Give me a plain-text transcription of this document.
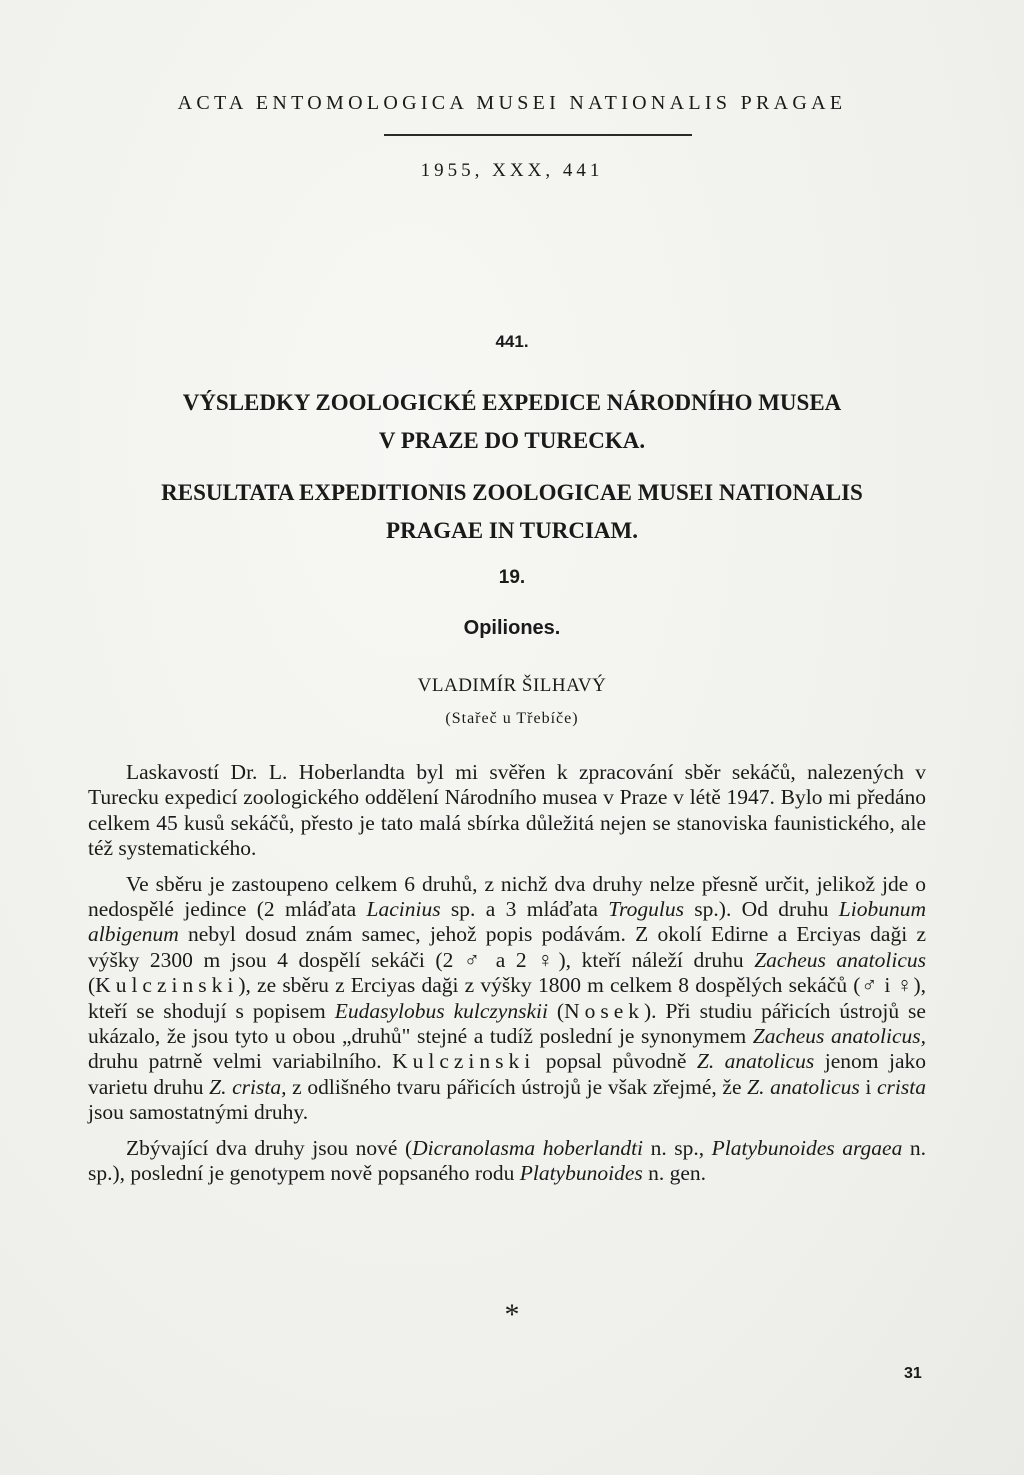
ACTA ENTOMOLOGICA MUSEI NATIONALIS PRAGAE
1955, XXX, 441
441.
VÝSLEDKY ZOOLOGICKÉ EXPEDICE NÁRODNÍHO MUSEA
V PRAZE DO TURECKA.
RESULTATA EXPEDITIONIS ZOOLOGICAE MUSEI NATIONALIS
PRAGAE IN TURCIAM.
19.
Opiliones.
VLADIMÍR ŠILHAVÝ
(Stařeč u Třebíče)

Laskavostí Dr. L. Hoberlandta byl mi svěřen k zpracování sběr sekáčů, nalezených v Turecku expedicí zoologického oddělení Národního musea v Praze v létě 1947. Bylo mi předáno celkem 45 kusů sekáčů, přesto je tato malá sbírka důležitá nejen se stanoviska faunistického, ale též systematického.

Ve sběru je zastoupeno celkem 6 druhů, z nichž dva druhy nelze přesně určit, jelikož jde o nedospělé jedince (2 mláďata Lacinius sp. a 3 mláďata Trogulus sp.). Od druhu Liobunum albigenum nebyl dosud znám samec, jehož popis podávám. Z okolí Edirne a Erciyas daği z výšky 2300 m jsou 4 dospělí sekáči (2 ♂ a 2 ♀), kteří náleží druhu Zacheus anatolicus (Kulczinski), ze sběru z Erciyas daği z výšky 1800 m celkem 8 dospělých sekáčů (♂ i ♀), kteří se shodují s popisem Eudasylobus kulczynskii (Nosek). Při studiu pářicích ústrojů se ukázalo, že jsou tyto u obou „druhů" stejné a tudíž poslední je synonymem Zacheus anatolicus, druhu patrně velmi variabilního. Kulczinski popsal původně Z. anatolicus jenom jako varietu druhu Z. crista, z odlišného tvaru pářicích ústrojů je však zřejmé, že Z. anatolicus i crista jsou samostatnými druhy.

Zbývající dva druhy jsou nové (Dicranolasma hoberlandti n. sp., Platybunoides argaea n. sp.), poslední je genotypem nově popsaného rodu Platybunoides n. gen.

*
31
